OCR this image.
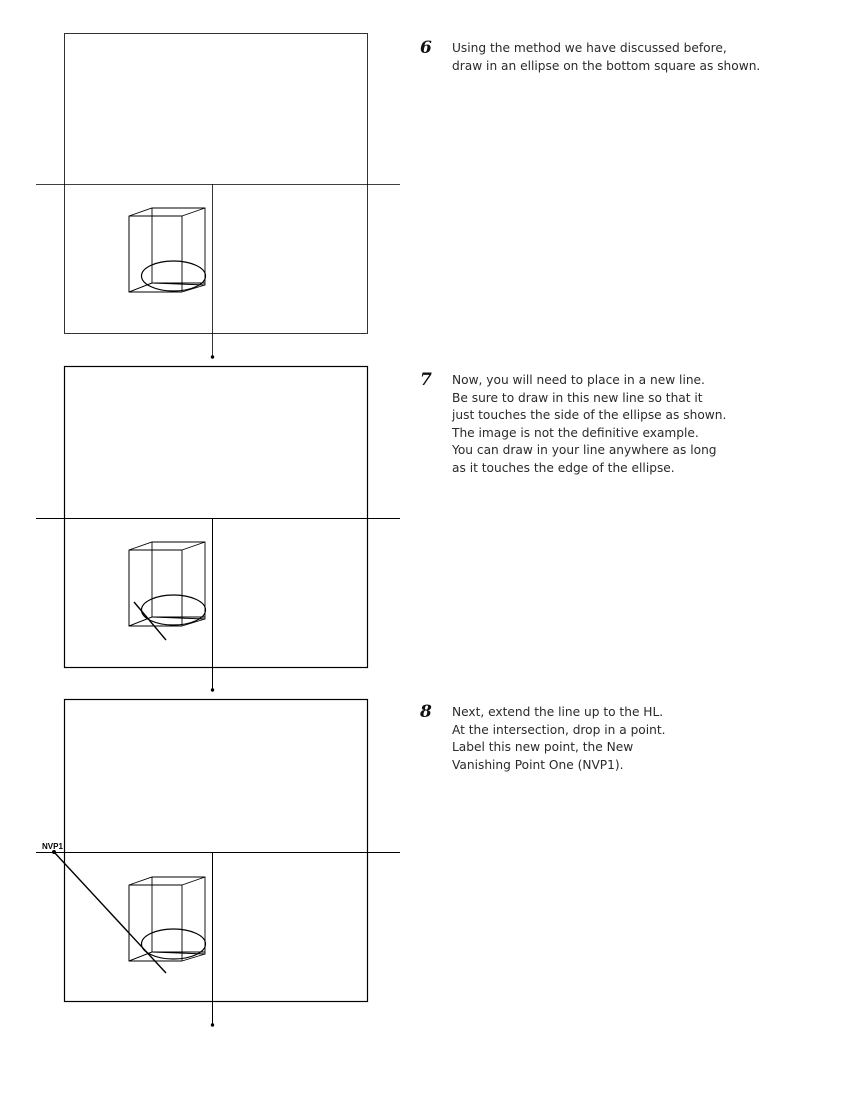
NVP1
6 Using the method we have discussed before,
draw in an ellipse on the bottom square as shown.
7 Now, you will need to place in a new line.
Be sure to draw in this new line so that it
just touches the side of the ellipse as shown.
The image is not the definitive example.
You can draw in your line anywhere as long
as it touches the edge of the ellipse.
8 Next, extend the line up to the HL.
At the intersection, drop in a point.
Label this new point, the New
Vanishing Point One (NVP1).
